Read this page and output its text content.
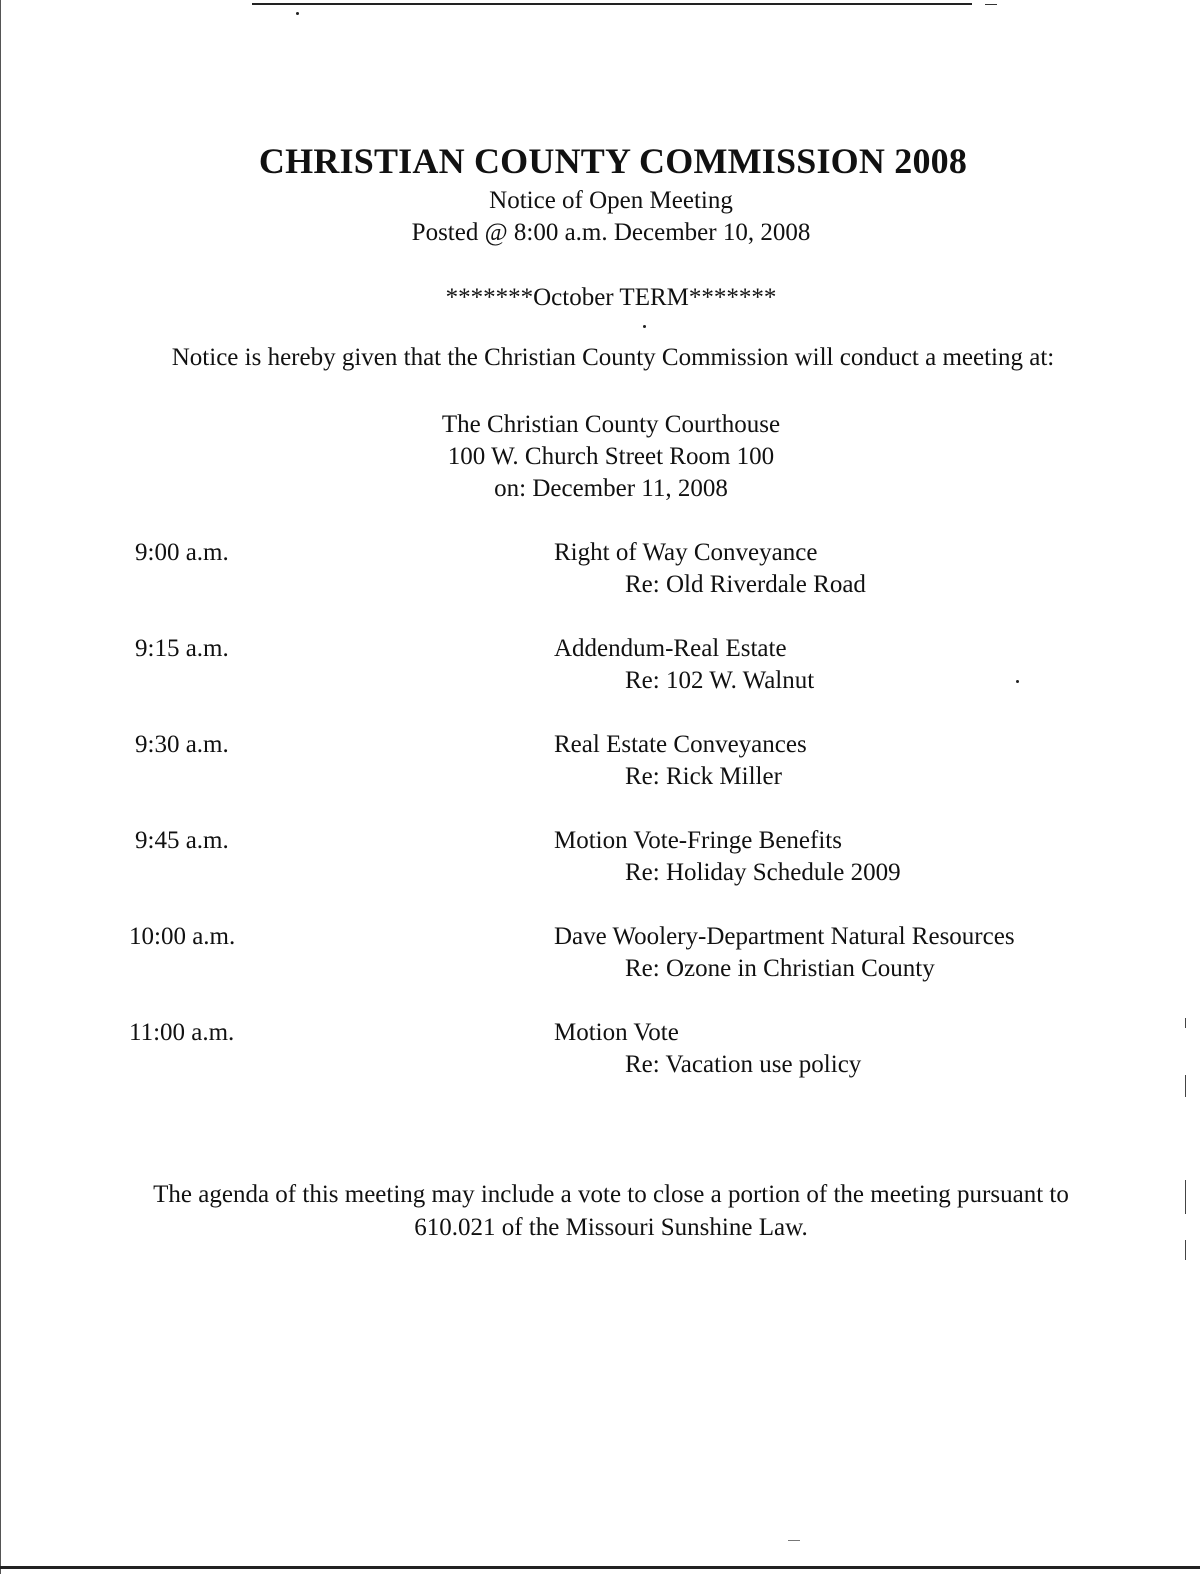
CHRISTIAN COUNTY COMMISSION 2008
Notice of Open Meeting
Posted @ 8:00 a.m. December 10, 2008
*******October TERM*******
Notice is hereby given that the Christian County Commission will conduct a meeting at:
The Christian County Courthouse
100 W. Church Street Room 100
on: December 11, 2008
9:00 a.m.	Right of Way Conveyance
Re: Old Riverdale Road
9:15 a.m.	Addendum-Real Estate
Re: 102 W. Walnut
9:30 a.m.	Real Estate Conveyances
Re: Rick Miller
9:45 a.m.	Motion Vote-Fringe Benefits
Re: Holiday Schedule 2009
10:00 a.m.	Dave Woolery-Department Natural Resources
Re: Ozone in Christian County
11:00 a.m.	Motion Vote
Re: Vacation use policy
The agenda of this meeting may include a vote to close a portion of the meeting pursuant to
610.021 of the Missouri Sunshine Law.
